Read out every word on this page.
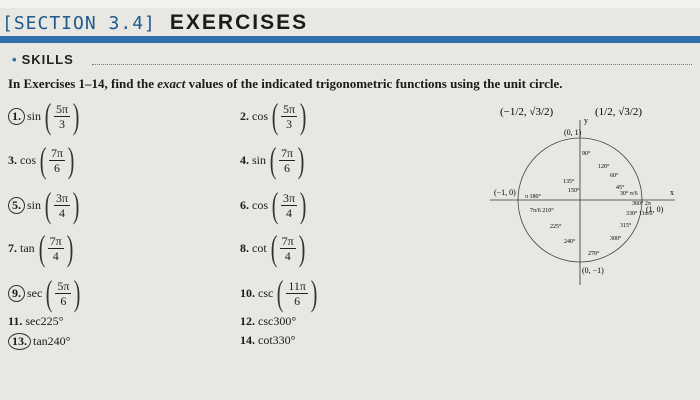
[SECTION 3.4] EXERCISES
• SKILLS
In Exercises 1–14, find the exact values of the indicated trigonometric functions using the unit circle.
1. sin ( $\frac{5\pi}{3}$ )	2. cos ( $\frac{5\pi}{3}$ )
3. cos ( $\frac{7\pi}{6}$ )	4. sin ( $\frac{7\pi}{6}$ )
5. sin ( $\frac{3\pi}{4}$ )	6. cos ( $\frac{3\pi}{4}$ )
7. tan ( $\frac{7\pi}{4}$ )	8. cot ( $\frac{7\pi}{4}$ )
9. sec ( $\frac{5\pi}{6}$ )	10. csc ( $\frac{11\pi}{6}$ )
11. sec225°	12. csc300°
13. tan240°	14. cot330°
x
y
(−1/2, √3/2)	(1/2, √3/2)
(0, 1)
(−1, 0)
(1, 0)
(0, −1)
90°
120°
135°
150°
π 180°
7π/6 210°
225°
240°
270°
300°
315°
330° 11π/6
360° 2π
60°
45°
30° π/6
